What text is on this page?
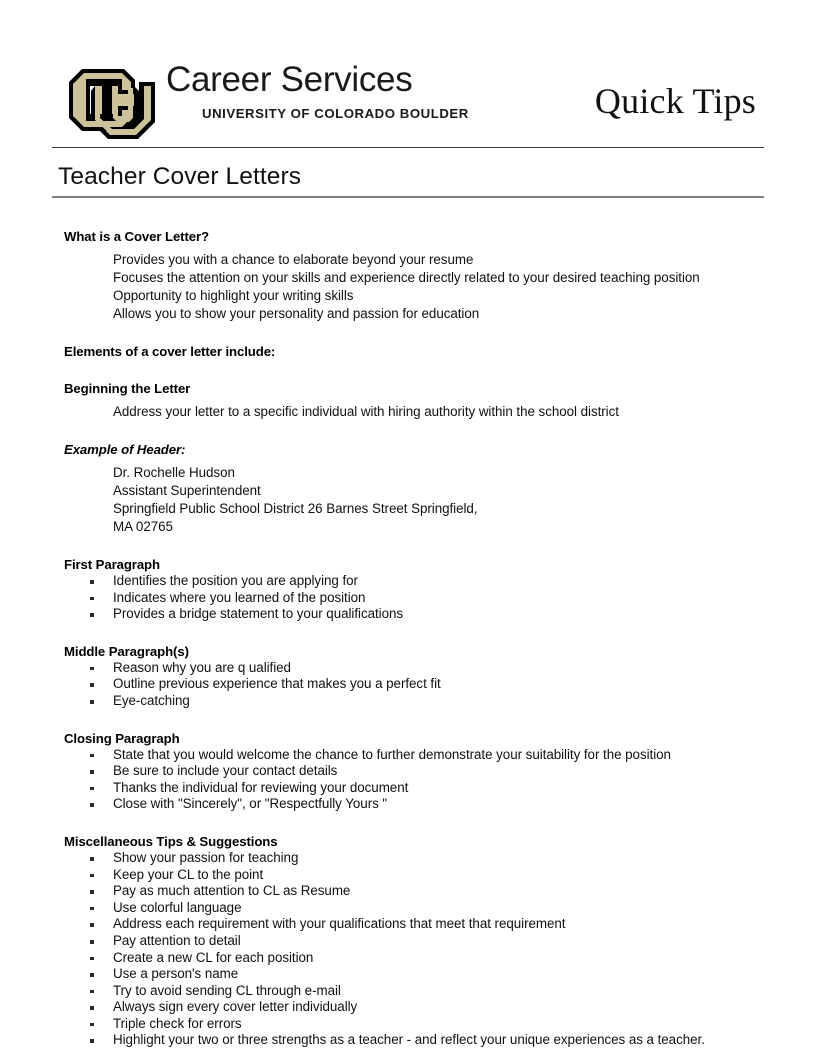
Career Services
UNIVERSITY OF COLORADO BOULDER	Quick Tips
Teacher Cover Letters
What is a Cover Letter?
Provides you with a chance to elaborate beyond your resume
Focuses the attention on your skills and experience directly related to your desired teaching position
Opportunity to highlight your writing skills
Allows you to show your personality and passion for education
Elements of a cover letter include:
Beginning the Letter
Address your letter to a specific individual with hiring authority within the school district
Example of Header:
Dr. Rochelle Hudson
Assistant Superintendent
Springfield Public School District 26 Barnes Street Springfield,
MA 02765
First Paragraph
Identifies the position you are applying for
Indicates where you learned of the position
Provides a bridge statement to your qualifications
Middle Paragraph(s)
Reason why you are q ualified
Outline previous experience that makes you a perfect fit
Eye-catching
Closing Paragraph
State that you would welcome the chance to further demonstrate your suitability for the position
Be sure to include your contact details
Thanks the individual for reviewing your document
Close with "Sincerely", or "Respectfully Yours "
Miscellaneous Tips & Suggestions
Show your passion for teaching
Keep your CL to the point
Pay as much attention to CL as Resume
Use colorful language
Address each requirement with your qualifications that meet that requirement
Pay attention to detail
Create a new CL for each position
Use a person's name
Try to avoid sending CL through e-mail
Always sign every cover letter individually
Triple check for errors
Highlight your two or three strengths as a teacher - and reflect your unique experiences as a teacher.
